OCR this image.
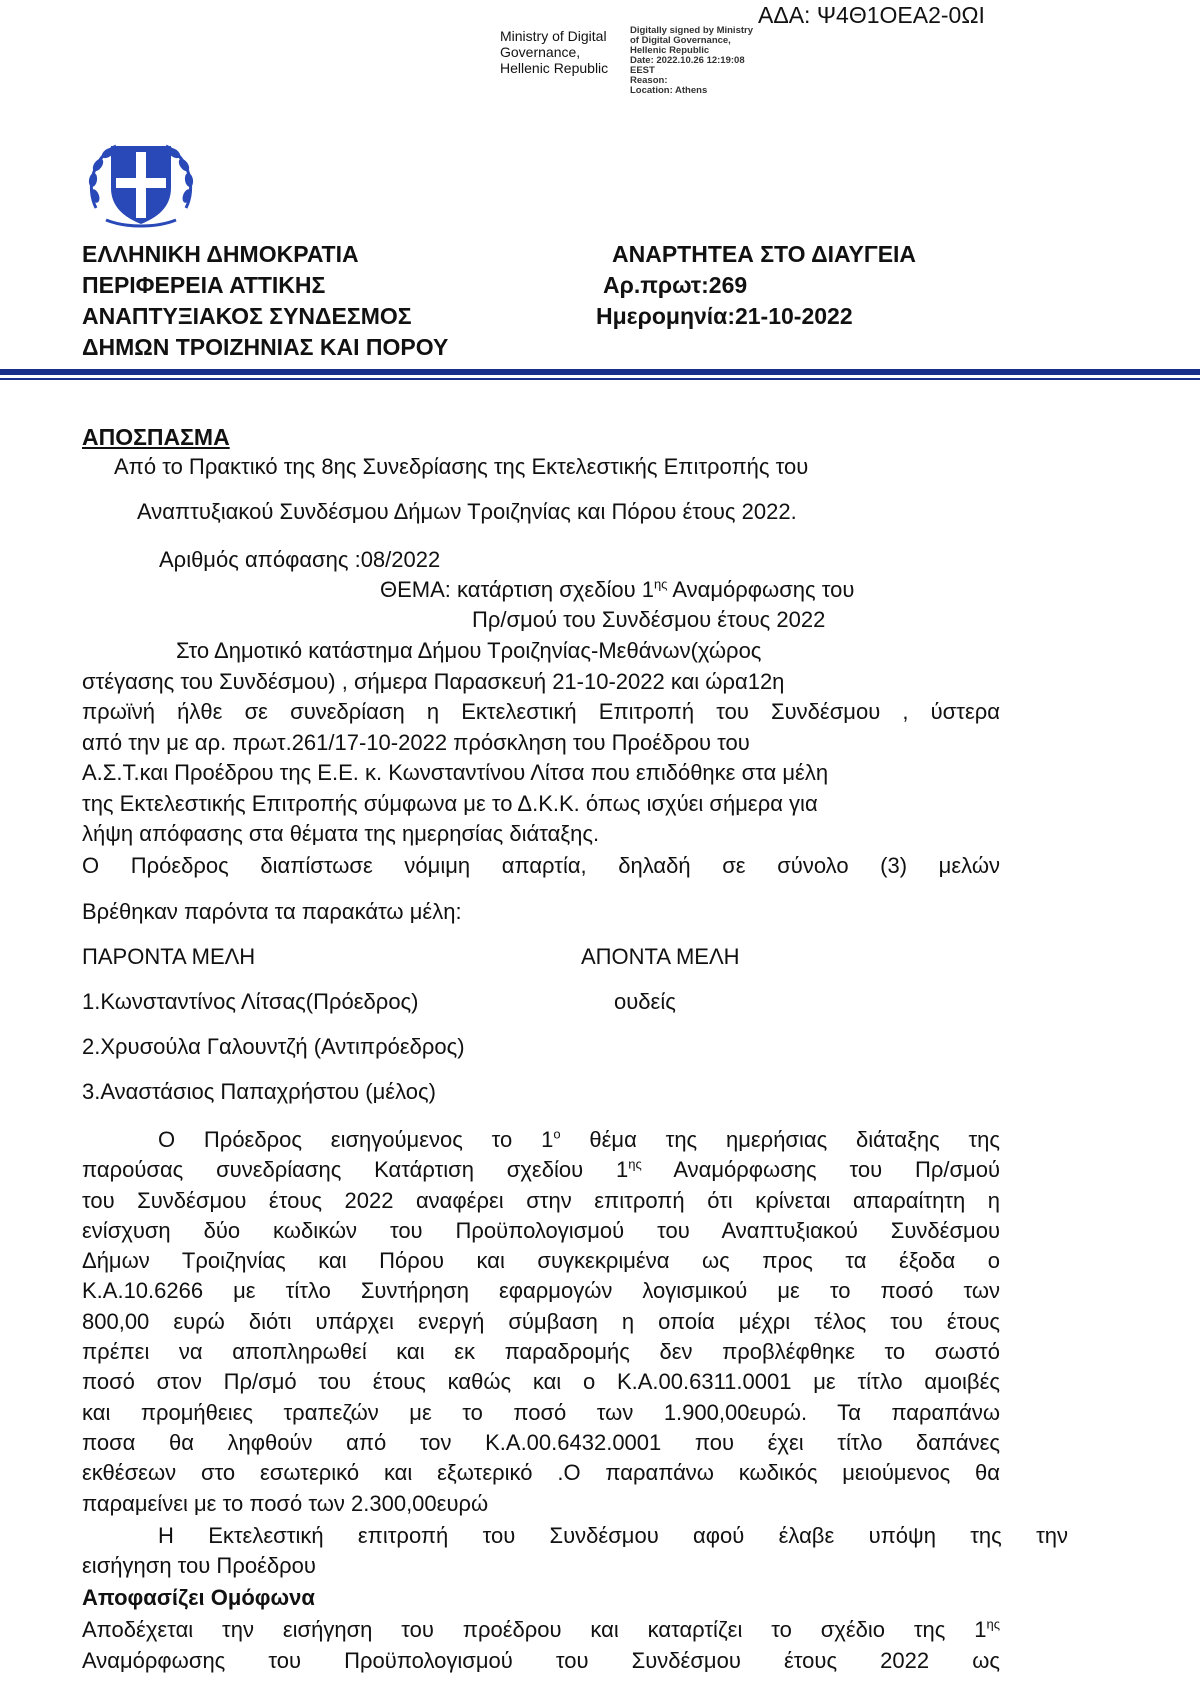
Ministry of Digital
Governance,
Hellenic Republic
Digitally signed by Ministry
of Digital Governance,
Hellenic Republic
Date: 2022.10.26 12:19:08
EEST
Reason:
Location: Athens
ΑΔΑ: Ψ4Θ1ΟΕΑ2-0ΩΙ
ΕΛΛΗΝΙΚΗ ΔΗΜΟΚΡΑΤΙΑ
ΠΕΡΙΦΕΡΕΙΑ ΑΤΤΙΚΗΣ
ΑΝΑΠΤΥΞΙΑΚΟΣ ΣΥΝΔΕΣΜΟΣ
ΔΗΜΩΝ ΤΡΟΙΖΗΝΙΑΣ ΚΑΙ ΠΟΡΟΥ
ΑΝΑΡΤΗΤΕΑ ΣΤΟ ΔΙΑΥΓΕΙΑ
Αρ.πρωτ:269
Ημερομηνία:21-10-2022
ΑΠΟΣΠΑΣΜΑ
Από το Πρακτικό της 8ης Συνεδρίασης της Εκτελεστικής Επιτροπής του
Αναπτυξιακού Συνδέσμου Δήμων Τροιζηνίας και Πόρου έτους 2022.
Αριθμός απόφασης :08/2022
ΘΕΜΑ: κατάρτιση σχεδίου $1^{\eta\varsigma}$ Αναμόρφωσης του
Πρ/σμού του Συνδέσμου έτους 2022
Στο Δημοτικό κατάστημα Δήμου Τροιζηνίας-Μεθάνων(χώρος
στέγασης του Συνδέσμου) , σήμερα Παρασκευή 21-10-2022 και ώρα12η
πρωϊνή ήλθε σε συνεδρίαση η Εκτελεστική Επιτροπή του Συνδέσμου , ύστερα
από την με αρ. πρωτ.261/17-10-2022 πρόσκληση του Προέδρου του
Α.Σ.Τ.και Προέδρου της Ε.Ε. κ. Κωνσταντίνου Λίτσα που επιδόθηκε στα μέλη
της Εκτελεστικής Επιτροπής σύμφωνα με το Δ.Κ.Κ. όπως ισχύει σήμερα για
λήψη απόφασης στα θέματα της ημερησίας διάταξης.
Ο Πρόεδρος διαπίστωσε νόμιμη απαρτία, δηλαδή σε σύνολο (3) μελών
Βρέθηκαν παρόντα τα παρακάτω μέλη:
ΠΑΡΟΝΤΑ ΜΕΛΗ	ΑΠΟΝΤΑ ΜΕΛΗ
1.Κωνσταντίνος Λίτσας(Πρόεδρος)	ουδείς
2.Χρυσούλα Γαλουντζή (Αντιπρόεδρος)
3.Αναστάσιος Παπαχρήστου (μέλος)
Ο Πρόεδρος εισηγούμενος το $1^o$ θέμα της ημερήσιας διάταξης της
παρούσας συνεδρίασης Κατάρτιση σχεδίου $1^{\eta\varsigma}$ Αναμόρφωσης του Πρ/σμού
του Συνδέσμου έτους 2022 αναφέρει στην επιτροπή ότι κρίνεται απαραίτητη η
ενίσχυση δύο κωδικών του Προϋπολογισμού του Αναπτυξιακού Συνδέσμου
Δήμων Τροιζηνίας και Πόρου και συγκεκριμένα ως προς τα έξοδα ο
Κ.Α.10.6266 με τίτλο Συντήρηση εφαρμογών λογισμικού με το ποσό των
800,00 ευρώ διότι υπάρχει ενεργή σύμβαση η οποία μέχρι τέλος του έτους
πρέπει να αποπληρωθεί και εκ παραδρομής δεν προβλέφθηκε το σωστό
ποσό στον Πρ/σμό του έτους καθώς και ο Κ.Α.00.6311.0001 με τίτλο αμοιβές
και προμήθειες τραπεζών με το ποσό των 1.900,00ευρώ. Τα παραπάνω
ποσα θα ληφθούν από τον Κ.Α.00.6432.0001 που έχει τίτλο δαπάνες
εκθέσεων στο εσωτερικό και εξωτερικό .Ο παραπάνω κωδικός μειούμενος θα
παραμείνει με το ποσό των 2.300,00ευρώ
Η Εκτελεστική επιτροπή του Συνδέσμου αφού έλαβε υπόψη της την
εισήγηση του Προέδρου
Αποφασίζει Ομόφωνα
Αποδέχεται την εισήγηση του προέδρου και καταρτίζει το σχέδιο της $1^{\eta\varsigma}$
Αναμόρφωσης του Προϋπολογισμού του Συνδέσμου έτους 2022 ως
